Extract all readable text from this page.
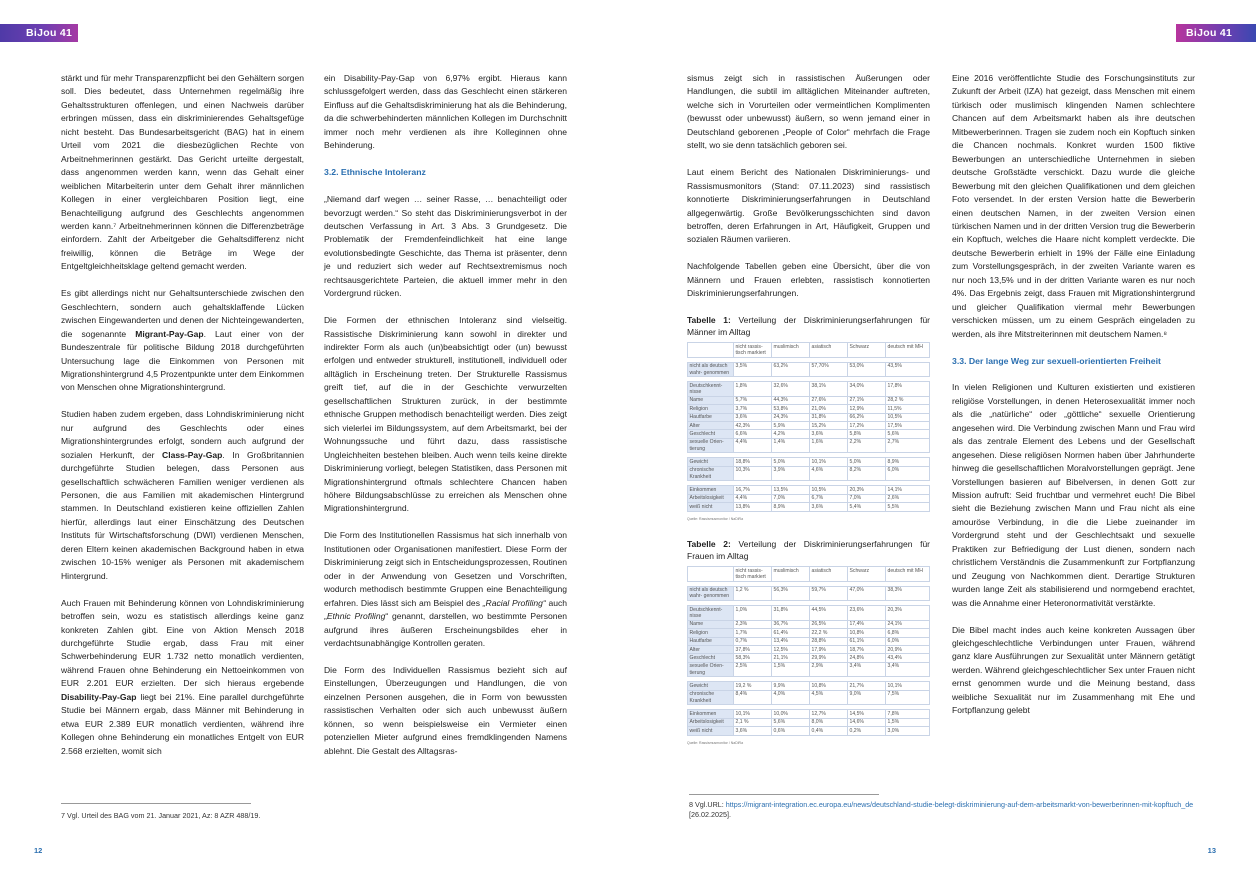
BiJou 41

stärkt und für mehr Transparenzpflicht bei den Gehältern sorgen soll. Dies bedeutet, dass Unternehmen regelmäßig ihre Gehaltsstrukturen offenlegen, und einen Nachweis darüber erbringen müssen, dass ein diskriminierendes Gehaltsgefüge nicht besteht. Das Bundesarbeitsgericht (BAG) hat in einem Urteil vom 2021 die diesbezüglichen Rechte von Arbeitnehmerinnen gestärkt. Das Gericht urteilte dergestalt, dass angenommen werden kann, wenn das Gehalt einer weiblichen Mitarbeiterin unter dem Gehalt ihrer männlichen Kollegen in einer vergleichbaren Position liegt, eine Benachteiligung aufgrund des Geschlechts angenommen werden kann.⁷ Arbeitnehmerinnen können die Differenzbeträge einfordern. Zahlt der Arbeitgeber die Gehaltsdifferenz nicht freiwillig, können die Beträge im Wege der Entgeltgleichheitsklage geltend gemacht werden.

Es gibt allerdings nicht nur Gehaltsunterschiede zwischen den Geschlechtern, sondern auch gehaltsklaffende Lücken zwischen Eingewanderten und denen der Nichteingewanderten, die sogenannte Migrant-Pay-Gap. Laut einer von der Bundeszentrale für politische Bildung 2018 durchgeführten Untersuchung lage die Einkommen von Personen mit Migrationshintergrund 4,5 Prozentpunkte unter dem Einkommen von Menschen ohne Migrationshintergrund.

Studien haben zudem ergeben, dass Lohndiskriminierung nicht nur aufgrund des Geschlechts oder eines Migrationshintergrundes erfolgt, sondern auch aufgrund der sozialen Herkunft, der Class-Pay-Gap. In Großbritannien durchgeführte Studien belegen, dass Personen aus gesellschaftlich schwächeren Familien weniger verdienen als Personen, die aus Familien mit akademischen Hintergrund stammen. In Deutschland existieren keine offiziellen Zahlen hierfür, allerdings laut einer Einschätzung des Deutschen Instituts für Wirtschaftsforschung (DWI) verdienen Menschen, deren Eltern keinen akademischen Background haben in etwa zwischen 10-15% weniger als Personen mit akademischem Hintergrund.

Auch Frauen mit Behinderung können von Lohndiskriminierung betroffen sein, wozu es statistisch allerdings keine ganz konkreten Zahlen gibt. Eine von Aktion Mensch 2018 durchgeführte Studie ergab, dass Frau mit einer Schwerbehinderung EUR 1.732 netto monatlich verdienten, während Frauen ohne Behinderung ein Nettoeinkommen von EUR 2.201 EUR erzielten. Der sich hieraus ergebende Disability-Pay-Gap liegt bei 21%. Eine parallel durchgeführte Studie bei Männern ergab, dass Männer mit Behinderung in etwa EUR 2.389 EUR monatlich verdienten, während ihre Kollegen ohne Behinderung ein monatliches Entgelt von EUR 2.568 erzielten, womit sich

ein Disability-Pay-Gap von 6,97% ergibt. Hieraus kann schlussgefolgert werden, dass das Geschlecht einen stärkeren Einfluss auf die Gehaltsdiskriminierung hat als die Behinderung, da die schwerbehinderten männlichen Kollegen im Durchschnitt immer noch mehr verdienen als ihre Kolleginnen ohne Behinderung.

3.2. Ethnische Intoleranz

„Niemand darf wegen … seiner Rasse, … benachteiligt oder bevorzugt werden.“ So steht das Diskriminierungsverbot in der deutschen Verfassung in Art. 3 Abs. 3 Grundgesetz. Die Problematik der Fremdenfeindlichkeit hat eine lange evolutionsbedingte Geschichte, das Thema ist präsenter, denn je und reduziert sich weder auf Rechtsextremismus noch rechtsausgerichtete Parteien, die aktuell immer mehr in den Vordergrund rücken.

Die Formen der ethnischen Intoleranz sind vielseitig. Rassistische Diskriminierung kann sowohl in direkter und indirekter Form als auch (un)beabsichtigt oder (un) bewusst erfolgen und entweder strukturell, institutionell, individuell oder alltäglich in Erscheinung treten. Der Strukturelle Rassismus greift tief, auf die in der Geschichte verwurzelten gesellschaftlichen Strukturen zurück, in der bestimmte ethnische Gruppen methodisch benachteiligt werden. Dies zeigt sich vielerlei im Bildungssystem, auf dem Arbeitsmarkt, bei der Wohnungssuche und führt dazu, dass rassistische Ungleichheiten bestehen bleiben. Auch wenn teils keine direkte Diskriminierung vorliegt, belegen Statistiken, dass Personen mit Migrationshintergrund oftmals schlechtere Chancen haben höhere Bildungsabschlüsse zu erreichen als Menschen ohne Migrationshintergrund.

Die Form des Institutionellen Rassismus hat sich innerhalb von Institutionen oder Organisationen manifestiert. Diese Form der Diskriminierung zeigt sich in Entscheidungsprozessen, Routinen oder in der Anwendung von Gesetzen und Vorschriften, wodurch methodisch bestimmte Gruppen eine Benachteiligung erfahren. Dies lässt sich am Beispiel des „Racial Profiling“ auch „Ethnic Profiling“ genannt, darstellen, wo bestimmte Personen aufgrund ihres äußeren Erscheinungsbildes eher in verdachtsunabhängige Kontrollen geraten.

Die Form des Individuellen Rassismus bezieht sich auf Einstellungen, Überzeugungen und Handlungen, die von einzelnen Personen ausgehen, die in Form von bewussten rassistischen Verhalten oder sich auch unbewusst äußern können, so wenn beispielsweise ein Vermieter einen potenziellen Mieter aufgrund eines fremdklingenden Namens ablehnt. Die Gestalt des Alltagsras-

7 Vgl. Urteil des BAG vom 21. Januar 2021, Az: 8 AZR 488/19.
12
BiJou 41
8 Vgl.URL: https://migrant-integration.ec.europa.eu/news/deutschland-studie-belegt-diskriminierung-auf-dem-arbeitsmarkt-von-bewerberinnen-mit-kopftuch_de [26.02.2025].
13

sismus zeigt sich in rassistischen Äußerungen oder Handlungen, die subtil im alltäglichen Miteinander auftreten, welche sich in Vorurteilen oder vermeintlichen Komplimenten (bewusst oder unbewusst) äußern, so wenn jemand einer in Deutschland geborenen „People of Color“ mehrfach die Frage stellt, wo sie denn tatsächlich geboren sei.

Laut einem Bericht des Nationalen Diskriminierungs- und Rassismusmonitors (Stand: 07.11.2023) sind rassistisch konnotierte Diskriminierungserfahrungen in Deutschland allgegenwärtig. Große Bevölkerungsschichten sind davon betroffen, deren Erfahrungen in Art, Häufigkeit, Gruppen und sozialen Räumen variieren.

Nachfolgende Tabellen geben eine Übersicht, über die von Männern und Frauen erlebten, rassistisch konnotierten Diskriminierungserfahrungen.

Tabelle 1: Verteilung der Diskriminierungserfahrungen für Männer im Alltag
	nicht rassis-tisch markiert	muslimisch	asiatisch	Schwarz	deutsch mit MH

nicht als deutsch wahr- genommen	3,5%	63,2%	57,70%	53,0%	43,5%

Deutschkennt-nisse	1,8%	32,6%	38,1%	34,0%	17,8%
Name	5,7%	44,3%	27,6%	27,1%	28,2 %
Religion	3,7%	53,8%	21,0%	12,9%	11,5%
Hautfarbe	3,6%	24,3%	31,8%	66,2%	10,5%
Alter	42,3%	5,9%	15,2%	17,2%	17,5%
Geschlecht	6,6%	4,2%	3,6%	5,8%	5,6%
sexuelle Orien-tierung	4,4%	1,4%	1,6%	2,2%	2,7%

Gewicht	18,8%	5,0%	10,1%	5,0%	8,9%
chronische Krankheit	10,3%	3,9%	4,6%	8,2%	6,0%

Einkommen	16,7%	13,5%	10,5%	20,3%	14,1%
Arbeitslosigkeit	4,4%	7,0%	6,7%	7,0%	2,6%
weiß nicht	13,8%	8,9%	3,6%	5,4%	5,5%
Quelle: Rassismusmonitor / NaDiRa
Tabelle 2: Verteilung der Diskriminierungserfahrungen für Frauen im Alltag
	nicht rassis-tisch markiert	muslimisch	asiatisch	Schwarz	deutsch mit MH

nicht als deutsch wahr- genommen	1,2 %	56,3%	59,7%	47,0%	38,3%

Deutschkennt-nisse	1,0%	31,8%	44,5%	23,6%	20,3%
Name	2,3%	36,7%	26,5%	17,4%	24,1%
Religion	1,7%	61,4%	22,2 %	10,8%	6,8%
Hautfarbe	0,7%	13,4%	28,8%	61,1%	6,0%
Alter	37,8%	12,5%	17,9%	18,7%	20,9%
Geschlecht	58,3%	21,1%	29,9%	24,8%	43,4%
sexuelle Orien-tierung	2,5%	1,5%	2,9%	3,4%	3,4%

Gewicht	19,2 %	9,9%	10,8%	21,7%	10,1%
chronische Krankheit	8,4%	4,0%	4,5%	9,0%	7,5%

Einkommen	10,1%	10,0%	12,7%	14,5%	7,8%
Arbeitslosigkeit	2,1 %	5,6%	8,0%	14,6%	1,5%
weiß nicht	3,6%	0,6%	0,4%	0,2%	3,0%
Quelle: Rassismusmonitor / NaDiRa

Eine 2016 veröffentlichte Studie des Forschungsinstituts zur Zukunft der Arbeit (IZA) hat gezeigt, dass Menschen mit einem türkisch oder muslimisch klingenden Namen schlechtere Chancen auf dem Arbeitsmarkt haben als ihre deutschen Mitbewerberinnen. Tragen sie zudem noch ein Kopftuch sinken die Chancen nochmals. Konkret wurden 1500 fiktive Bewerbungen an unterschiedliche Unternehmen in sieben deutsche Großstädte verschickt. Dazu wurde die gleiche Bewerbung mit den gleichen Qualifikationen und dem gleichen Foto versendet. In der ersten Version hatte die Bewerberin einen deutschen Namen, in der zweiten Version einen türkischen Namen und in der dritten Version trug die Bewerberin ein Kopftuch, welches die Haare nicht komplett verdeckte. Die deutsche Bewerberin erhielt in 19% der Fälle eine Einladung zum Vorstellungsgespräch, in der zweiten Variante waren es nur noch 13,5% und in der dritten Variante waren es nur noch 4%. Das Ergebnis zeigt, dass Frauen mit Migrationshintergrund und gleicher Qualifikation viermal mehr Bewerbungen verschicken müssen, um zu einem Gespräch eingeladen zu werden, als ihre Mitstreiterinnen mit deutschem Namen.⁸

3.3. Der lange Weg zur sexuell-orientierten Freiheit

In vielen Religionen und Kulturen existierten und existieren religiöse Vorstellungen, in denen Heterosexualität immer noch als die „natürliche“ oder „göttliche“ sexuelle Orientierung angesehen wird. Die Verbindung zwischen Mann und Frau wird als das zentrale Element des Lebens und der Gesellschaft angesehen. Diese religiösen Normen haben über Jahrhunderte hinweg die gesellschaftlichen Moralvorstellungen geprägt. Jene Vorstellungen basieren auf Bibelversen, in denen Gott zur Mission aufruft: Seid fruchtbar und vermehret euch! Die Bibel sieht die Beziehung zwischen Mann und Frau nicht als eine amouröse Verbindung, in die die Liebe zueinander im Vordergrund steht und der Geschlechtsakt und sexuelle Praktiken zur Befriedigung der Lust dienen, sondern nach christlichem Verständnis die Zusammenkunft zur Fortpflanzung und Zeugung von Nachkommen dient. Derartige Strukturen wurden lange Zeit als stabilisierend und normgebend erachtet, was die Annahme einer Heteronormativität verstärkte.

Die Bibel macht indes auch keine konkreten Aussagen über gleichgeschlechtliche Verbindungen unter Frauen, während ganz klare Ausführungen zur Sexualität unter Männern getätigt werden. Während gleichgeschlechtlicher Sex unter Frauen nicht ernst genommen wurde und die Meinung bestand, dass weibliche Sexualität nur im Zusammenhang mit Ehe und Fortpflanzung gelebt
